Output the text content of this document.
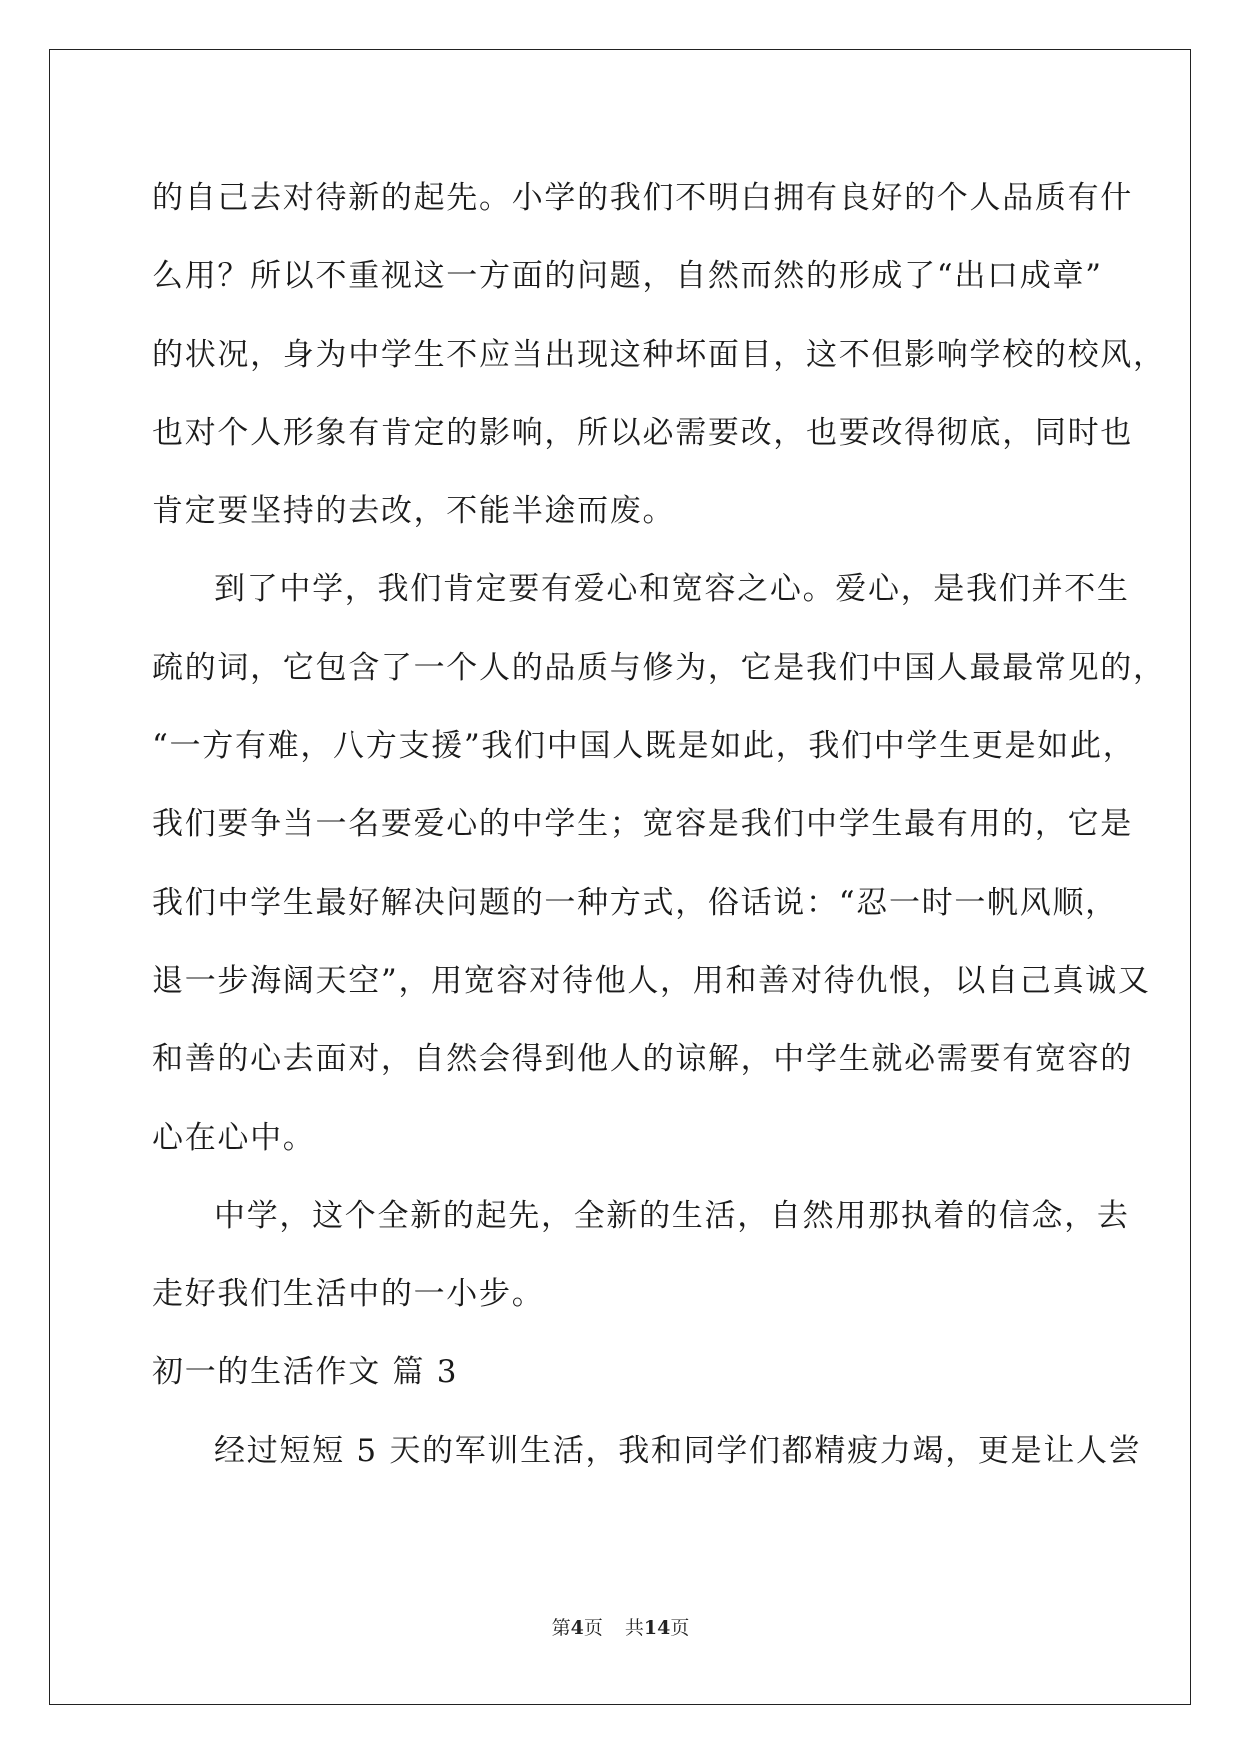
的自己去对待新的起先。小学的我们不明白拥有良好的个人品质有什
么用？所以不重视这一方面的问题，自然而然的形成了“出口成章”
的状况，身为中学生不应当出现这种坏面目，这不但影响学校的校风，
也对个人形象有肯定的影响，所以必需要改，也要改得彻底，同时也
肯定要坚持的去改，不能半途而废。
到了中学，我们肯定要有爱心和宽容之心。爱心，是我们并不生
疏的词，它包含了一个人的品质与修为，它是我们中国人最最常见的，
“一方有难，八方支援”我们中国人既是如此，我们中学生更是如此，
我们要争当一名要爱心的中学生；宽容是我们中学生最有用的，它是
我们中学生最好解决问题的一种方式，俗话说：“忍一时一帆风顺，
退一步海阔天空”，用宽容对待他人，用和善对待仇恨，以自己真诚又
和善的心去面对，自然会得到他人的谅解，中学生就必需要有宽容的
心在心中。
中学，这个全新的起先，全新的生活，自然用那执着的信念，去
走好我们生活中的一小步。
初一的生活作文 篇 3
经过短短 5 天的军训生活，我和同学们都精疲力竭，更是让人尝
第4页 共14页
